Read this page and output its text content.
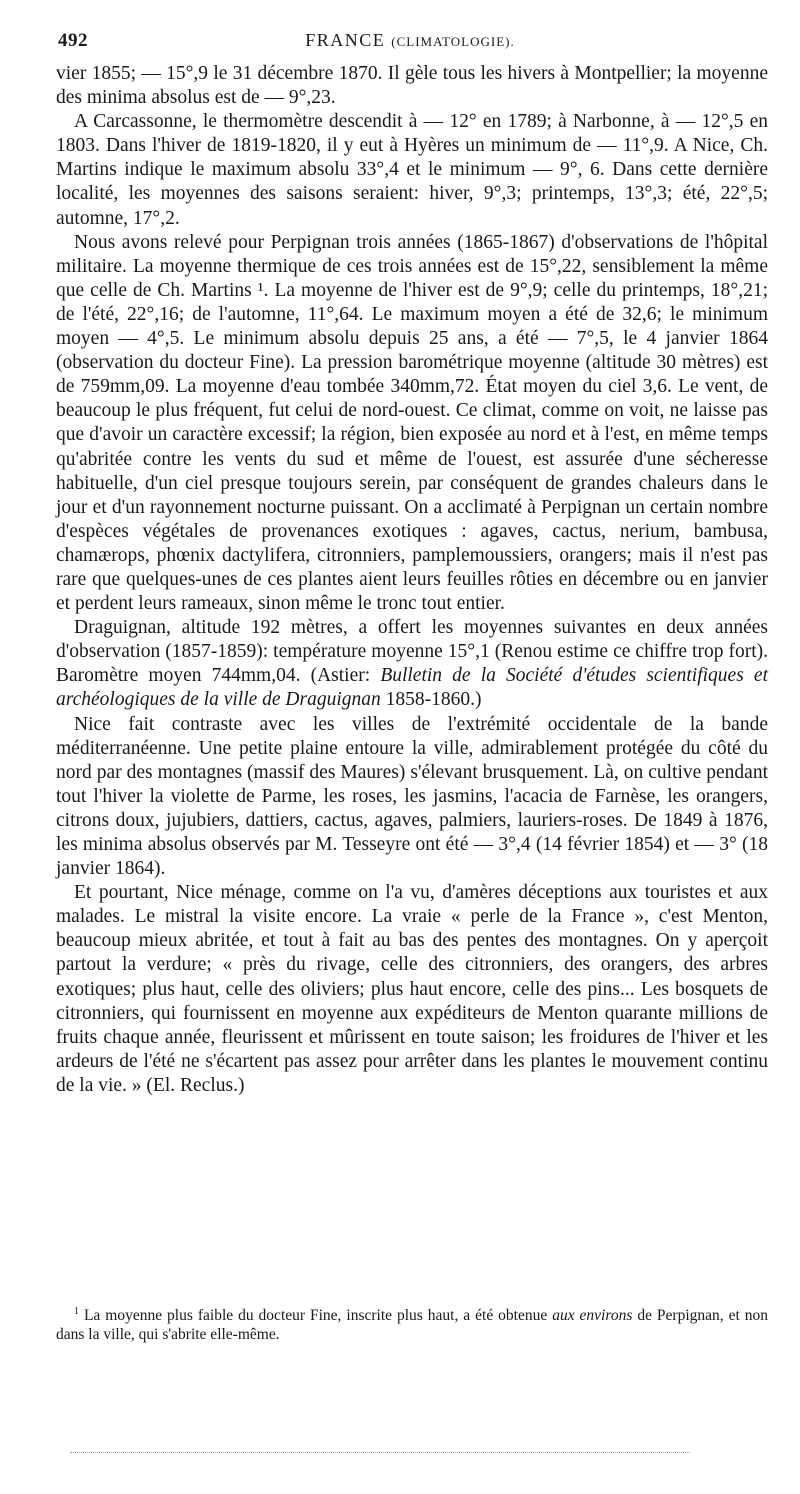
492	FRANCE (CLIMATOLOGIE).

vier 1855; — 15°,9 le 31 décembre 1870. Il gèle tous les hivers à Montpellier; la moyenne des minima absolus est de — 9°,23.

A Carcassonne, le thermomètre descendit à — 12° en 1789; à Narbonne, à — 12°,5 en 1803. Dans l'hiver de 1819-1820, il y eut à Hyères un minimum de — 11°,9. A Nice, Ch. Martins indique le maximum absolu 33°,4 et le minimum — 9°, 6. Dans cette dernière localité, les moyennes des saisons seraient: hiver, 9°,3; printemps, 13°,3; été, 22°,5; automne, 17°,2.

Nous avons relevé pour Perpignan trois années (1865-1867) d'observations de l'hôpital militaire. La moyenne thermique de ces trois années est de 15°,22, sensiblement la même que celle de Ch. Martins ¹. La moyenne de l'hiver est de 9°,9; celle du printemps, 18°,21; de l'été, 22°,16; de l'automne, 11°,64. Le maximum moyen a été de 32,6; le minimum moyen — 4°,5. Le minimum absolu depuis 25 ans, a été — 7°,5, le 4 janvier 1864 (observation du docteur Fine). La pression barométrique moyenne (altitude 30 mètres) est de 759mm,09. La moyenne d'eau tombée 340mm,72. État moyen du ciel 3,6. Le vent, de beaucoup le plus fréquent, fut celui de nord-ouest. Ce climat, comme on voit, ne laisse pas que d'avoir un caractère excessif; la région, bien exposée au nord et à l'est, en même temps qu'abritée contre les vents du sud et même de l'ouest, est assurée d'une sécheresse habituelle, d'un ciel presque toujours serein, par conséquent de grandes chaleurs dans le jour et d'un rayonnement nocturne puissant. On a acclimaté à Perpignan un certain nombre d'espèces végétales de provenances exotiques : agaves, cactus, nerium, bambusa, chamærops, phœnix dactylifera, citronniers, pamplemoussiers, orangers; mais il n'est pas rare que quelques-unes de ces plantes aient leurs feuilles rôties en décembre ou en janvier et perdent leurs rameaux, sinon même le tronc tout entier.

Draguignan, altitude 192 mètres, a offert les moyennes suivantes en deux années d'observation (1857-1859): température moyenne 15°,1 (Renou estime ce chiffre trop fort). Baromètre moyen 744mm,04. (Astier: Bulletin de la Société d'études scientifiques et archéologiques de la ville de Draguignan 1858-1860.)

Nice fait contraste avec les villes de l'extrémité occidentale de la bande méditerranéenne. Une petite plaine entoure la ville, admirablement protégée du côté du nord par des montagnes (massif des Maures) s'élevant brusquement. Là, on cultive pendant tout l'hiver la violette de Parme, les roses, les jasmins, l'acacia de Farnèse, les orangers, citrons doux, jujubiers, dattiers, cactus, agaves, palmiers, lauriers-roses. De 1849 à 1876, les minima absolus observés par M. Tesseyre ont été — 3°,4 (14 février 1854) et — 3° (18 janvier 1864).

Et pourtant, Nice ménage, comme on l'a vu, d'amères déceptions aux touristes et aux malades. Le mistral la visite encore. La vraie « perle de la France », c'est Menton, beaucoup mieux abritée, et tout à fait au bas des pentes des montagnes. On y aperçoit partout la verdure; « près du rivage, celle des citronniers, des orangers, des arbres exotiques; plus haut, celle des oliviers; plus haut encore, celle des pins... Les bosquets de citronniers, qui fournissent en moyenne aux expéditeurs de Menton quarante millions de fruits chaque année, fleurissent et mûrissent en toute saison; les froidures de l'hiver et les ardeurs de l'été ne s'écartent pas assez pour arrêter dans les plantes le mouvement continu de la vie. » (El. Reclus.)

$^1$ La moyenne plus faible du docteur Fine, inscrite plus haut, a été obtenue aux environs de Perpignan, et non dans la ville, qui s'abrite elle-même.
